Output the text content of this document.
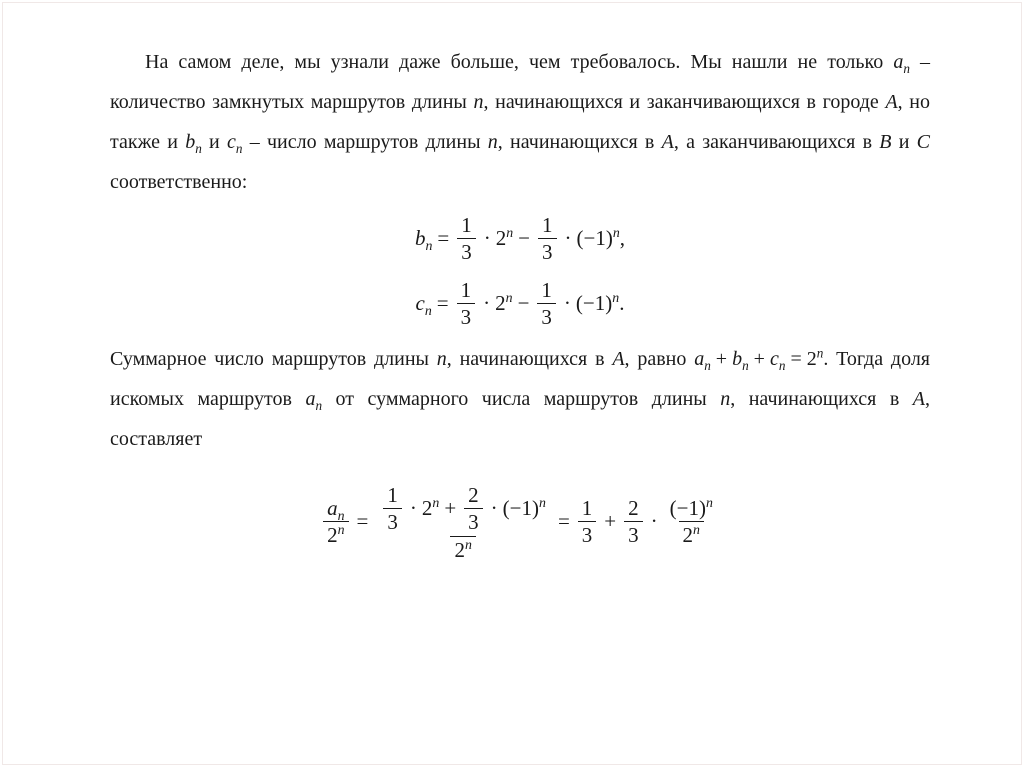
На самом деле, мы узнали даже больше, чем требовалось. Мы нашли не только $a_n$ – количество замкнутых маршрутов длины n, начинающихся и заканчивающихся в городе A, но также и $b_n$ и $c_n$ – число маршрутов длины n, начинающихся в A, а заканчивающихся в B и C соответственно:

$b_n = \frac{1}{3} \cdot 2^n - \frac{1}{3} \cdot (-1)^n$ ,
$c_n = \frac{1}{3} \cdot 2^n - \frac{1}{3} \cdot (-1)^n$ .

Суммарное число маршрутов длины n, начинающихся в A, равно $a_n + b_n + c_n = 2^n$. Тогда доля искомых маршрутов $a_n$ от суммарного числа маршрутов длины n, начинающихся в A, составляет

$\frac{a_n}{2^n} = \frac{\frac{1}{3} \cdot 2^n + \frac{2}{3} \cdot (-1)^n}{2^n} = \frac{1}{3} + \frac{2}{3} \cdot \frac{(-1)^n}{2^n}$
